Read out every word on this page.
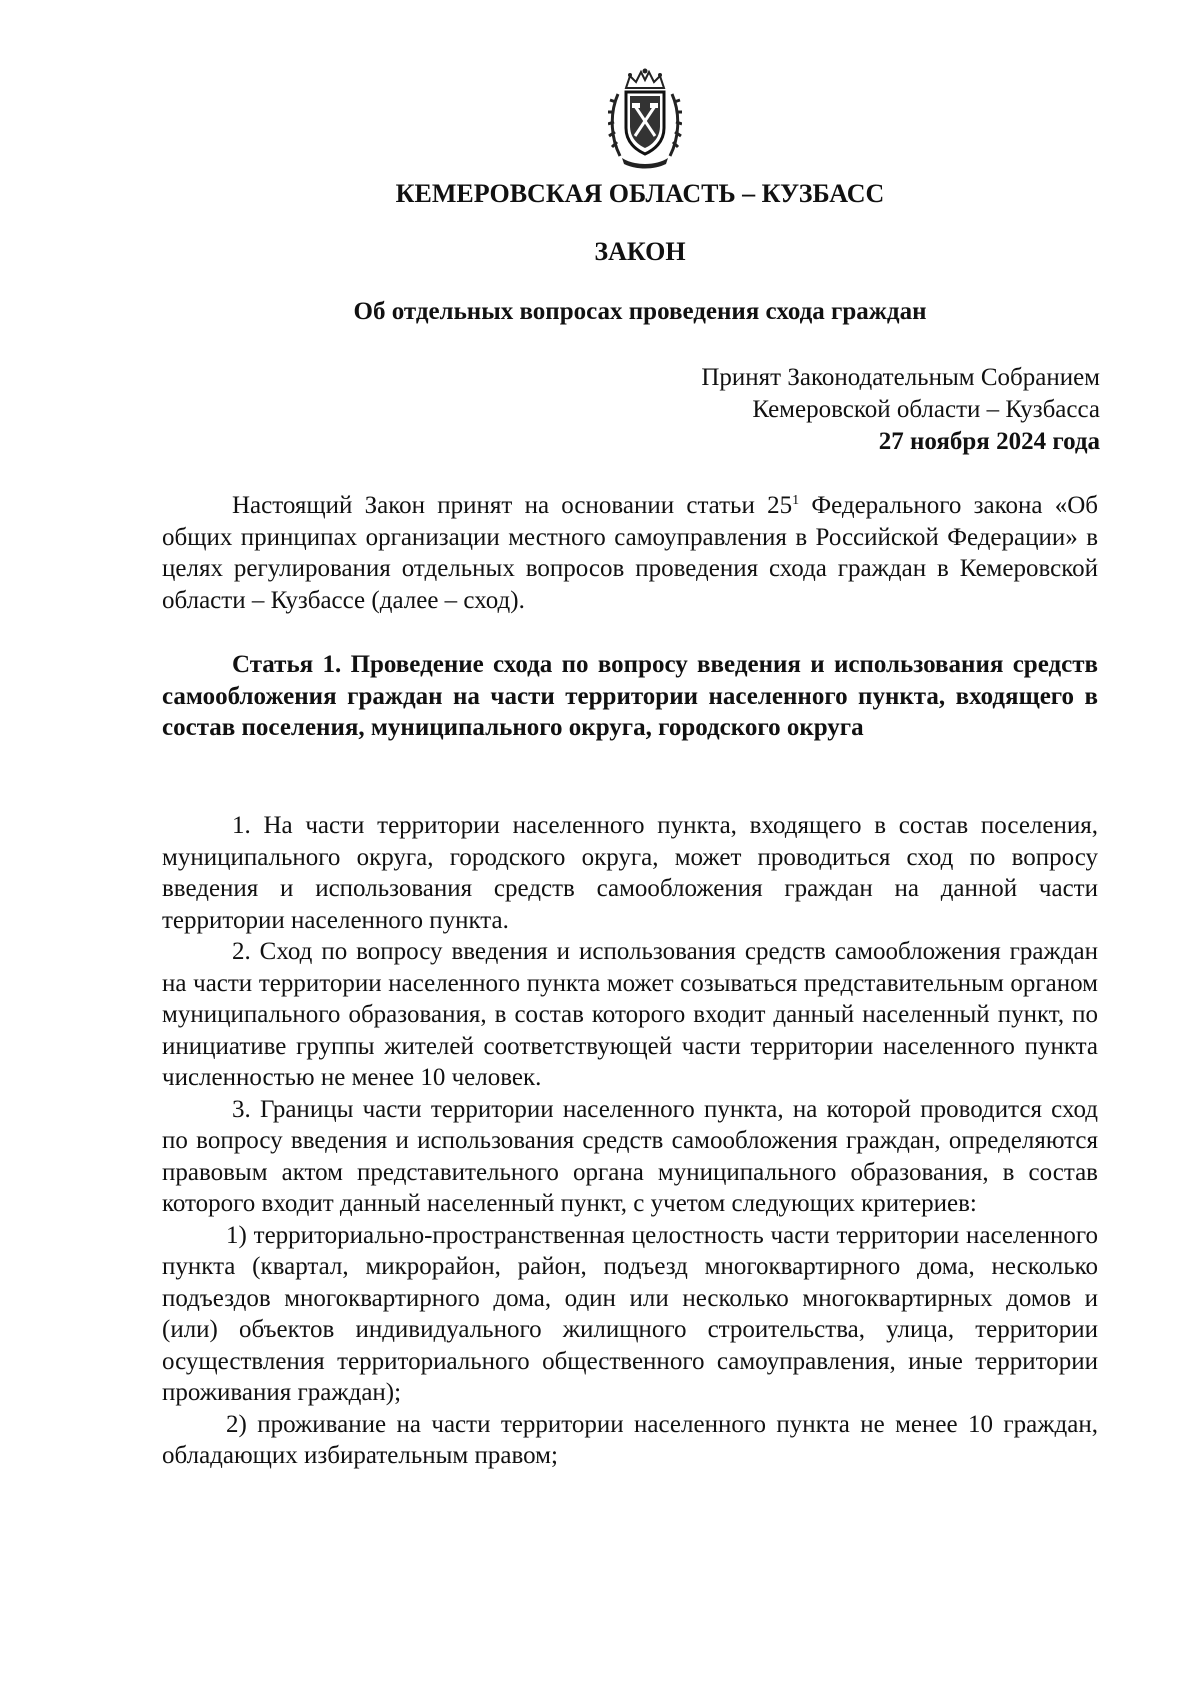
КЕМЕРОВСКАЯ ОБЛАСТЬ – КУЗБАСС
ЗАКОН
Об отдельных вопросах проведения схода граждан
Принят Законодательным Собранием
Кемеровской области – Кузбасса
27 ноября 2024 года

Настоящий Закон принят на основании статьи $25^1$ Федерального закона «Об общих принципах организации местного самоуправления в Российской Федерации» в целях регулирования отдельных вопросов проведения схода граждан в Кемеровской области – Кузбассе (далее – сход).

Статья 1. Проведение схода по вопросу введения и использования средств самообложения граждан на части территории населенного пункта, входящего в состав поселения, муниципального округа, городского округа

1. На части территории населенного пункта, входящего в состав поселения, муниципального округа, городского округа, может проводиться сход по вопросу введения и использования средств самообложения граждан на данной части территории населенного пункта.

2. Сход по вопросу введения и использования средств самообложения граждан на части территории населенного пункта может созываться представительным органом муниципального образования, в состав которого входит данный населенный пункт, по инициативе группы жителей соответствующей части территории населенного пункта численностью не менее 10 человек.

3. Границы части территории населенного пункта, на которой проводится сход по вопросу введения и использования средств самообложения граждан, определяются правовым актом представительного органа муниципального образования, в состав которого входит данный населенный пункт, с учетом следующих критериев:

1) территориально-пространственная целостность части территории населенного пункта (квартал, микрорайон, район, подъезд многоквартирного дома, несколько подъездов многоквартирного дома, один или несколько многоквартирных домов и (или) объектов индивидуального жилищного строительства, улица, территории осуществления территориального общественного самоуправления, иные территории проживания граждан);

2) проживание на части территории населенного пункта не менее 10 граждан, обладающих избирательным правом;
